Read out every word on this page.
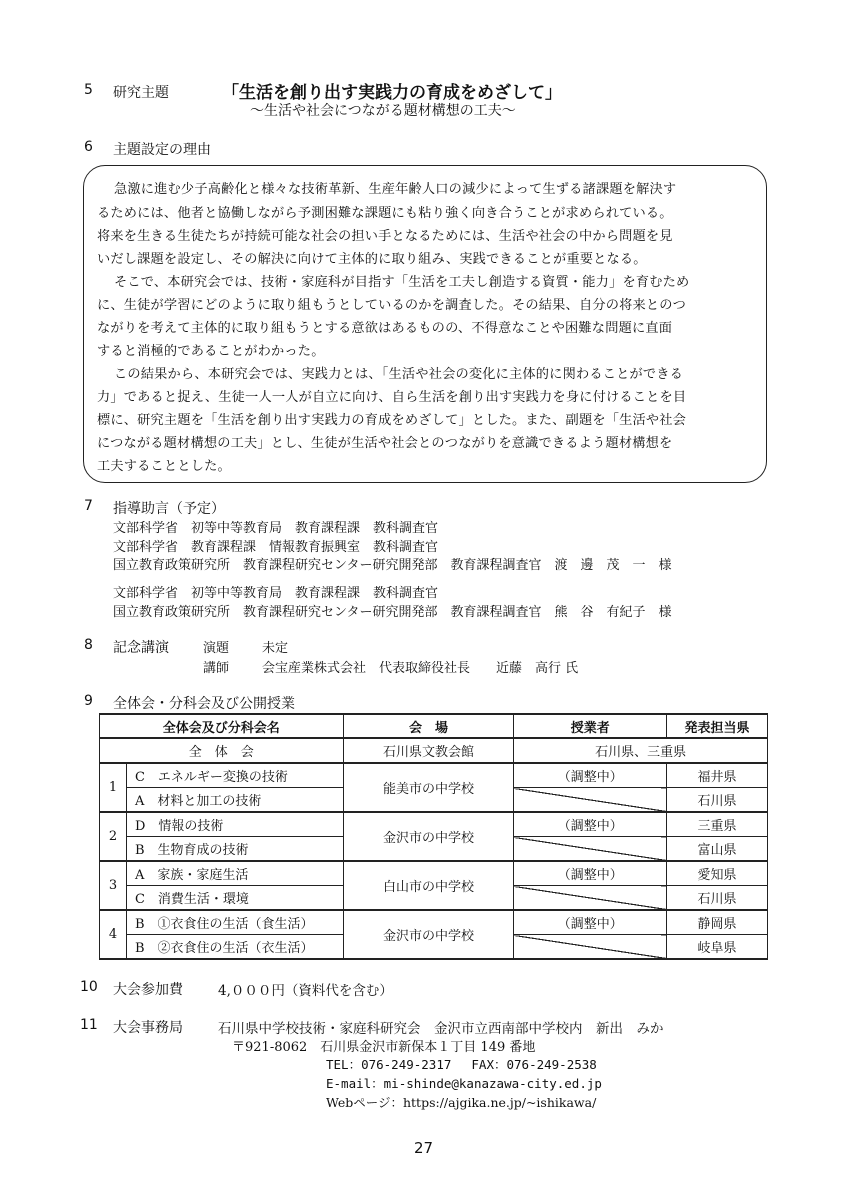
5 研究主題	「生活を創り出す実践力の育成をめざして」
～生活や社会につながる題材構想の工夫～
6 主題設定の理由
急激に進む少子高齢化と様々な技術革新、生産年齢人口の減少によって生ずる諸課題を解決す
るためには、他者と協働しながら予測困難な課題にも粘り強く向き合うことが求められている。
将来を生きる生徒たちが持続可能な社会の担い手となるためには、生活や社会の中から問題を見
いだし課題を設定し、その解決に向けて主体的に取り組み、実践できることが重要となる。
そこで、本研究会では、技術・家庭科が目指す「生活を工夫し創造する資質・能力」を育むため
に、生徒が学習にどのように取り組もうとしているのかを調査した。その結果、自分の将来とのつ
ながりを考えて主体的に取り組もうとする意欲はあるものの、不得意なことや困難な問題に直面
すると消極的であることがわかった。
この結果から、本研究会では、実践力とは、「生活や社会の変化に主体的に関わることができる
力」であると捉え、生徒一人一人が自立に向け、自ら生活を創り出す実践力を身に付けることを目
標に、研究主題を「生活を創り出す実践力の育成をめざして」とした。また、副題を「生活や社会
につながる題材構想の工夫」とし、生徒が生活や社会とのつながりを意識できるよう題材構想を
工夫することとした。
7 指導助言（予定）
文部科学省　初等中等教育局　教育課程課　教科調査官
文部科学省　教育課程課　情報教育振興室　教科調査官
国立教育政策研究所　教育課程研究センター研究開発部　教育課程調査官　渡　邊　茂　一　様
文部科学省　初等中等教育局　教育課程課　教科調査官
国立教育政策研究所　教育課程研究センター研究開発部　教育課程調査官　熊　谷　有紀子　様
8 記念講演	演題	未定
講師	会宝産業株式会社　代表取締役社長　　近藤　高行 氏
9 全体会・分科会及び公開授業
全体会及び分科会名		会　場	授業者	発表担当県
全　体　会		石川県文教会館	石川県、三重県	
1	C　エネルギー変換の技術	能美市の中学校	（調整中）	福井県
	A　材料と加工の技術			石川県
2	D　情報の技術	金沢市の中学校	（調整中）	三重県
	B　生物育成の技術			富山県
3	A　家族・家庭生活	白山市の中学校	（調整中）	愛知県
	C　消費生活・環境			石川県
4	B　①衣食住の生活（食生活）	金沢市の中学校	（調整中）	静岡県
	B　②衣食住の生活（衣生活）			岐阜県
10 大会参加費	4,０００円（資料代を含む）
11 大会事務局	石川県中学校技術・家庭科研究会　金沢市立西南部中学校内　新出　みか
〒921-8062　石川県金沢市新保本１丁目 149 番地
TEL：076-249-2317　 FAX：076-249-2538
E-mail：mi-shinde@kanazawa-city.ed.jp
Webページ：https://ajgika.ne.jp/~ishikawa/
27
